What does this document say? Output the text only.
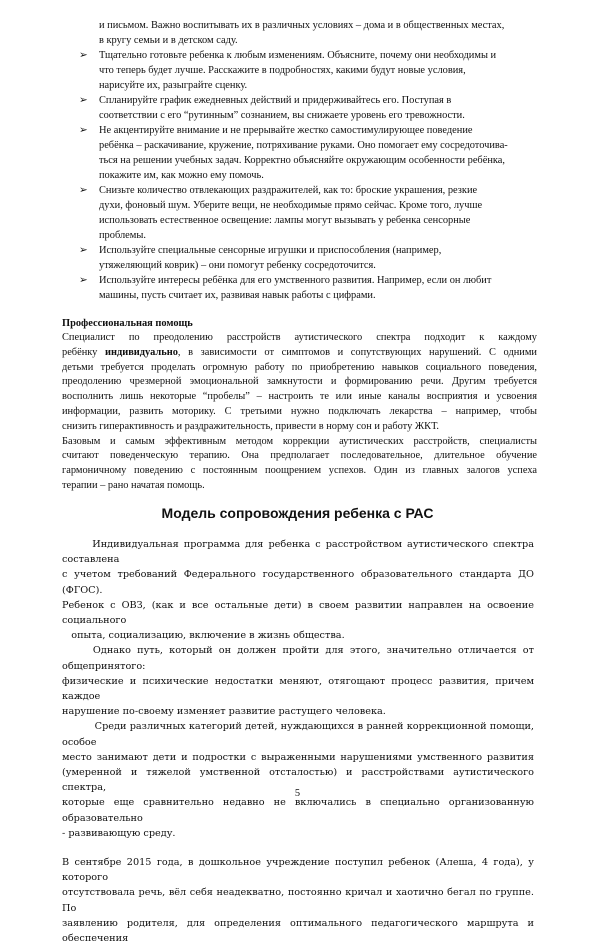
и письмом. Важно воспитывать их в различных условиях – дома и в общественных местах,
в кругу семьи и в детском саду.
➢	Тщательно готовьте ребенка к любым изменениям. Объясните, почему они необходимы и
что теперь будет лучше. Расскажите в подробностях, какими будут новые условия,
нарисуйте их, разыграйте сценку.
➢	Спланируйте график ежедневных действий и придерживайтесь его. Поступая в
соответствии с его “рутинным” сознанием, вы снижаете уровень его тревожности.
➢	Не акцентируйте внимание и не прерывайте жестко самостимулирующее поведение
ребёнка – раскачивание, кружение, потряхивание руками. Оно помогает ему сосредоточива-
ться на решении учебных задач. Корректно объясняйте окружающим особенности ребёнка,
покажите им, как можно ему помочь.
➢	Снизьте количество отвлекающих раздражителей, как то: броские украшения, резкие
духи, фоновый шум. Уберите вещи, не необходимые прямо сейчас. Кроме того, лучше
использовать естественное освещение: лампы могут вызывать у ребенка сенсорные
проблемы.
➢	Используйте специальные сенсорные игрушки и приспособления (например,
утяжеляющий коврик) – они помогут ребенку сосредоточится.
➢	Используйте интересы ребёнка для его умственного развития. Например, если он любит
машины, пусть считает их, развивая навык работы с цифрами.
Профессиональная помощь
Специалист по преодолению расстройств аутистического спектра подходит к каждому
ребёнку индивидуально, в зависимости от симптомов и сопутствующих нарушений. С одними
детьми требуется проделать огромную работу по приобретению навыков социального поведения,
преодолению чрезмерной эмоциональной замкнутости и формированию речи. Другим требуется
восполнить лишь некоторые “пробелы” – настроить те или иные каналы восприятия и усвоения
информации, развить моторику. С третьими нужно подключать лекарства – например, чтобы
снизить гиперактивность и раздражительность, привести в норму сон и работу ЖКТ.
Базовым и самым эффективным методом коррекции аутистических расстройств, специалисты
считают поведенческую терапию. Она предполагает последовательное, длительное обучение
гармоничному поведению с постоянным поощрением успехов. Один из главных залогов успеха
терапии – рано начатая помощь.
Модель сопровождения ребенка с РАС
Индивидуальная программа для ребенка с расстройством аутистического спектра составлена
с учетом требований Федерального государственного образовательного стандарта ДО (ФГОС).
Ребенок с ОВЗ, (как и все остальные дети) в своем развитии направлен на освоение социального
опыта, социализацию, включение в жизнь общества.
Однако путь, который он должен пройти для этого, значительно отличается от общепринятого:
физические и психические недостатки меняют, отягощают процесс развития, причем каждое
нарушение по-своему изменяет развитие растущего человека.
Среди различных категорий детей, нуждающихся в ранней коррекционной помощи, особое
место занимают дети и подростки с выраженными нарушениями умственного развития
(умеренной и тяжелой умственной отсталостью) и расстройствами аутистического спектра,
которые еще сравнительно недавно не включались в специально организованную образовательно
- развивающую среду.
В сентябре 2015 года, в дошкольное учреждение поступил ребенок (Алеша, 4 года), у которого
отсутствовала речь, вёл себя неадекватно, постоянно кричал и хаотично бегал по группе. По
заявлению родителя, для определения оптимального педагогического маршрута и обеспечения
5
